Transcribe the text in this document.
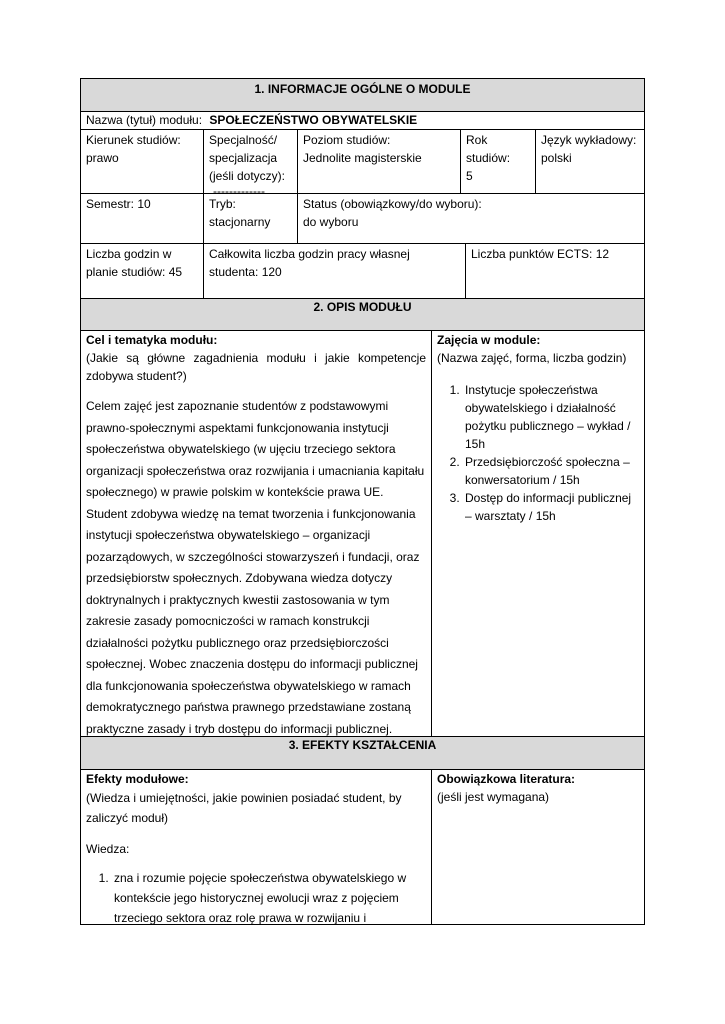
1. INFORMACJE OGÓLNE O MODULE
2. OPIS MODUŁU
3. EFEKTY KSZTAŁCENIA
Nazwa (tytuł) modułu: SPOŁECZEŃSTWO OBYWATELSKIE

Kierunek studiów:

prawo

Specjalność/ specjalizacja (jeśli dotyczy):

-------------

Poziom studiów:

Jednolite magisterskie

Rok studiów:

5

Język wykładowy:

polski

Semestr: 10	Tryb:

stacjonarny

Status (obowiązkowy/do wyboru):

do wyboru

Liczba godzin w planie studiów: 45

Całkowita liczba godzin pracy własnej studenta: 120

Liczba punktów ECTS: 12

Cel i tematyka modułu:

(Jakie są główne zagadnienia modułu i jakie kompetencje zdobywa student?)

Celem zajęć jest zapoznanie studentów z podstawowymi prawno-społecznymi aspektami funkcjonowania instytucji społeczeństwa obywatelskiego (w ujęciu trzeciego sektora organizacji społeczeństwa oraz rozwijania i umacniania kapitału społecznego) w prawie polskim w kontekście prawa UE. Student zdobywa wiedzę na temat tworzenia i funkcjonowania instytucji społeczeństwa obywatelskiego – organizacji pozarządowych, w szczególności stowarzyszeń i fundacji, oraz przedsiębiorstw społecznych. Zdobywana wiedza dotyczy doktrynalnych i praktycznych kwestii zastosowania w tym zakresie zasady pomocniczości w ramach konstrukcji działalności pożytku publicznego oraz przedsiębiorczości społecznej. Wobec znaczenia dostępu do informacji publicznej dla funkcjonowania społeczeństwa obywatelskiego w ramach demokratycznego państwa prawnego przedstawiane zostaną praktyczne zasady i tryb dostępu do informacji publicznej.

Zajęcia w module:

(Nazwa zajęć, forma, liczba godzin)

1. Instytucje społeczeństwa obywatelskiego i działalność pożytku publicznego – wykład / 15h
2. Przedsiębiorczość społeczna – konwersatorium / 15h
3. Dostęp do informacji publicznej – warsztaty / 15h

Efekty modułowe:

(Wiedza i umiejętności, jakie powinien posiadać student, by zaliczyć moduł)

Wiedza:

1. zna i rozumie pojęcie społeczeństwa obywatelskiego w kontekście jego historycznej ewolucji wraz z pojęciem trzeciego sektora oraz rolę prawa w rozwijaniu i

Obowiązkowa literatura:

(jeśli jest wymagana)
